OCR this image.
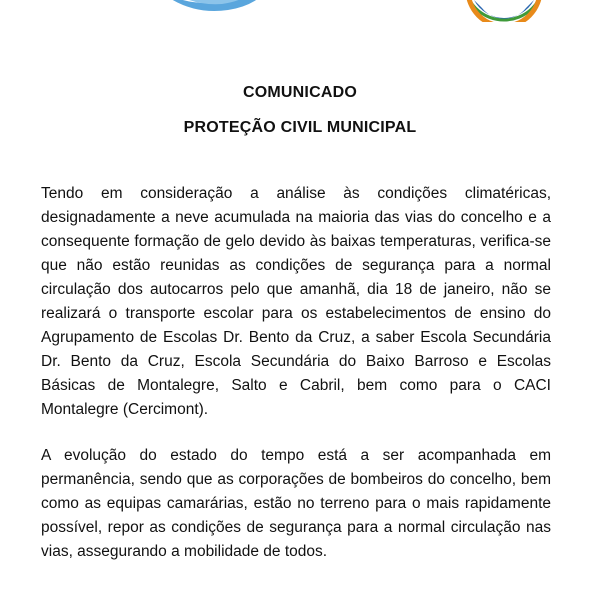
ATUG
COMUNICADO
PROTEÇÃO CIVIL MUNICIPAL

Tendo em consideração a análise às condições climatéricas, designadamente a neve acumulada na maioria das vias do concelho e a consequente formação de gelo devido às baixas temperaturas, verifica-se que não estão reunidas as condições de segurança para a normal circulação dos autocarros pelo que amanhã, dia 18 de janeiro, não se realizará o transporte escolar para os estabelecimentos de ensino do Agrupamento de Escolas Dr. Bento da Cruz, a saber Escola Secundária Dr. Bento da Cruz, Escola Secundária do Baixo Barroso e Escolas Básicas de Montalegre, Salto e Cabril, bem como para o CACI Montalegre (Cercimont).

A evolução do estado do tempo está a ser acompanhada em permanência, sendo que as corporações de bombeiros do concelho, bem como as equipas camarárias, estão no terreno para o mais rapidamente possível, repor as condições de segurança para a normal circulação nas vias, assegurando a mobilidade de todos.
